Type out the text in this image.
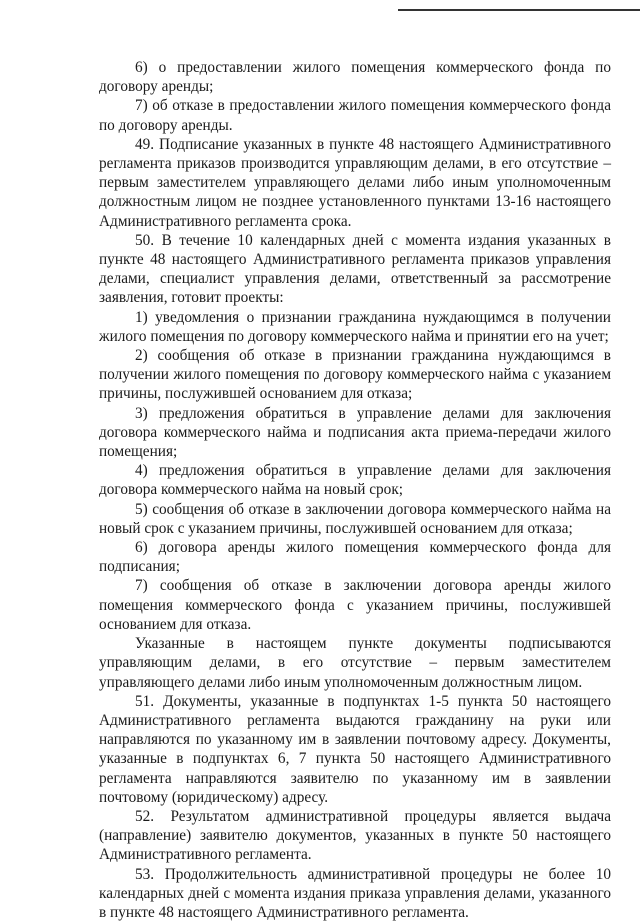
6) о предоставлении жилого помещения коммерческого фонда по договору аренды;

7) об отказе в предоставлении жилого помещения коммерческого фонда по договору аренды.

49. Подписание указанных в пункте 48 настоящего Административного регламента приказов производится управляющим делами, в его отсутствие – первым заместителем управляющего делами либо иным уполномоченным должностным лицом не позднее установленного пунктами 13-16 настоящего Административного регламента срока.

50. В течение 10 календарных дней с момента издания указанных в пункте 48 настоящего Административного регламента приказов управления делами, специалист управления делами, ответственный за рассмотрение заявления, готовит проекты:

1) уведомления о признании гражданина нуждающимся в получении жилого помещения по договору коммерческого найма и принятии его на учет;

2) сообщения об отказе в признании гражданина нуждающимся в получении жилого помещения по договору коммерческого найма с указанием причины, послужившей основанием для отказа;

3) предложения обратиться в управление делами для заключения договора коммерческого найма и подписания акта приема-передачи жилого помещения;

4) предложения обратиться в управление делами для заключения договора коммерческого найма на новый срок;

5) сообщения об отказе в заключении договора коммерческого найма на новый срок с указанием причины, послужившей основанием для отказа;

6) договора аренды жилого помещения коммерческого фонда для подписания;

7) сообщения об отказе в заключении договора аренды жилого помещения коммерческого фонда с указанием причины, послужившей основанием для отказа.

Указанные в настоящем пункте документы подписываются управляющим делами, в его отсутствие – первым заместителем управляющего делами либо иным уполномоченным должностным лицом.

51. Документы, указанные в подпунктах 1-5 пункта 50 настоящего Административного регламента выдаются гражданину на руки или направляются по указанному им в заявлении почтовому адресу. Документы, указанные в подпунктах 6, 7 пункта 50 настоящего Административного регламента направляются заявителю по указанному им в заявлении почтовому (юридическому) адресу.

52. Результатом административной процедуры является выдача (направление) заявителю документов, указанных в пункте 50 настоящего Административного регламента.

53. Продолжительность административной процедуры не более 10 календарных дней с момента издания приказа управления делами, указанного в пункте 48 настоящего Административного регламента.
